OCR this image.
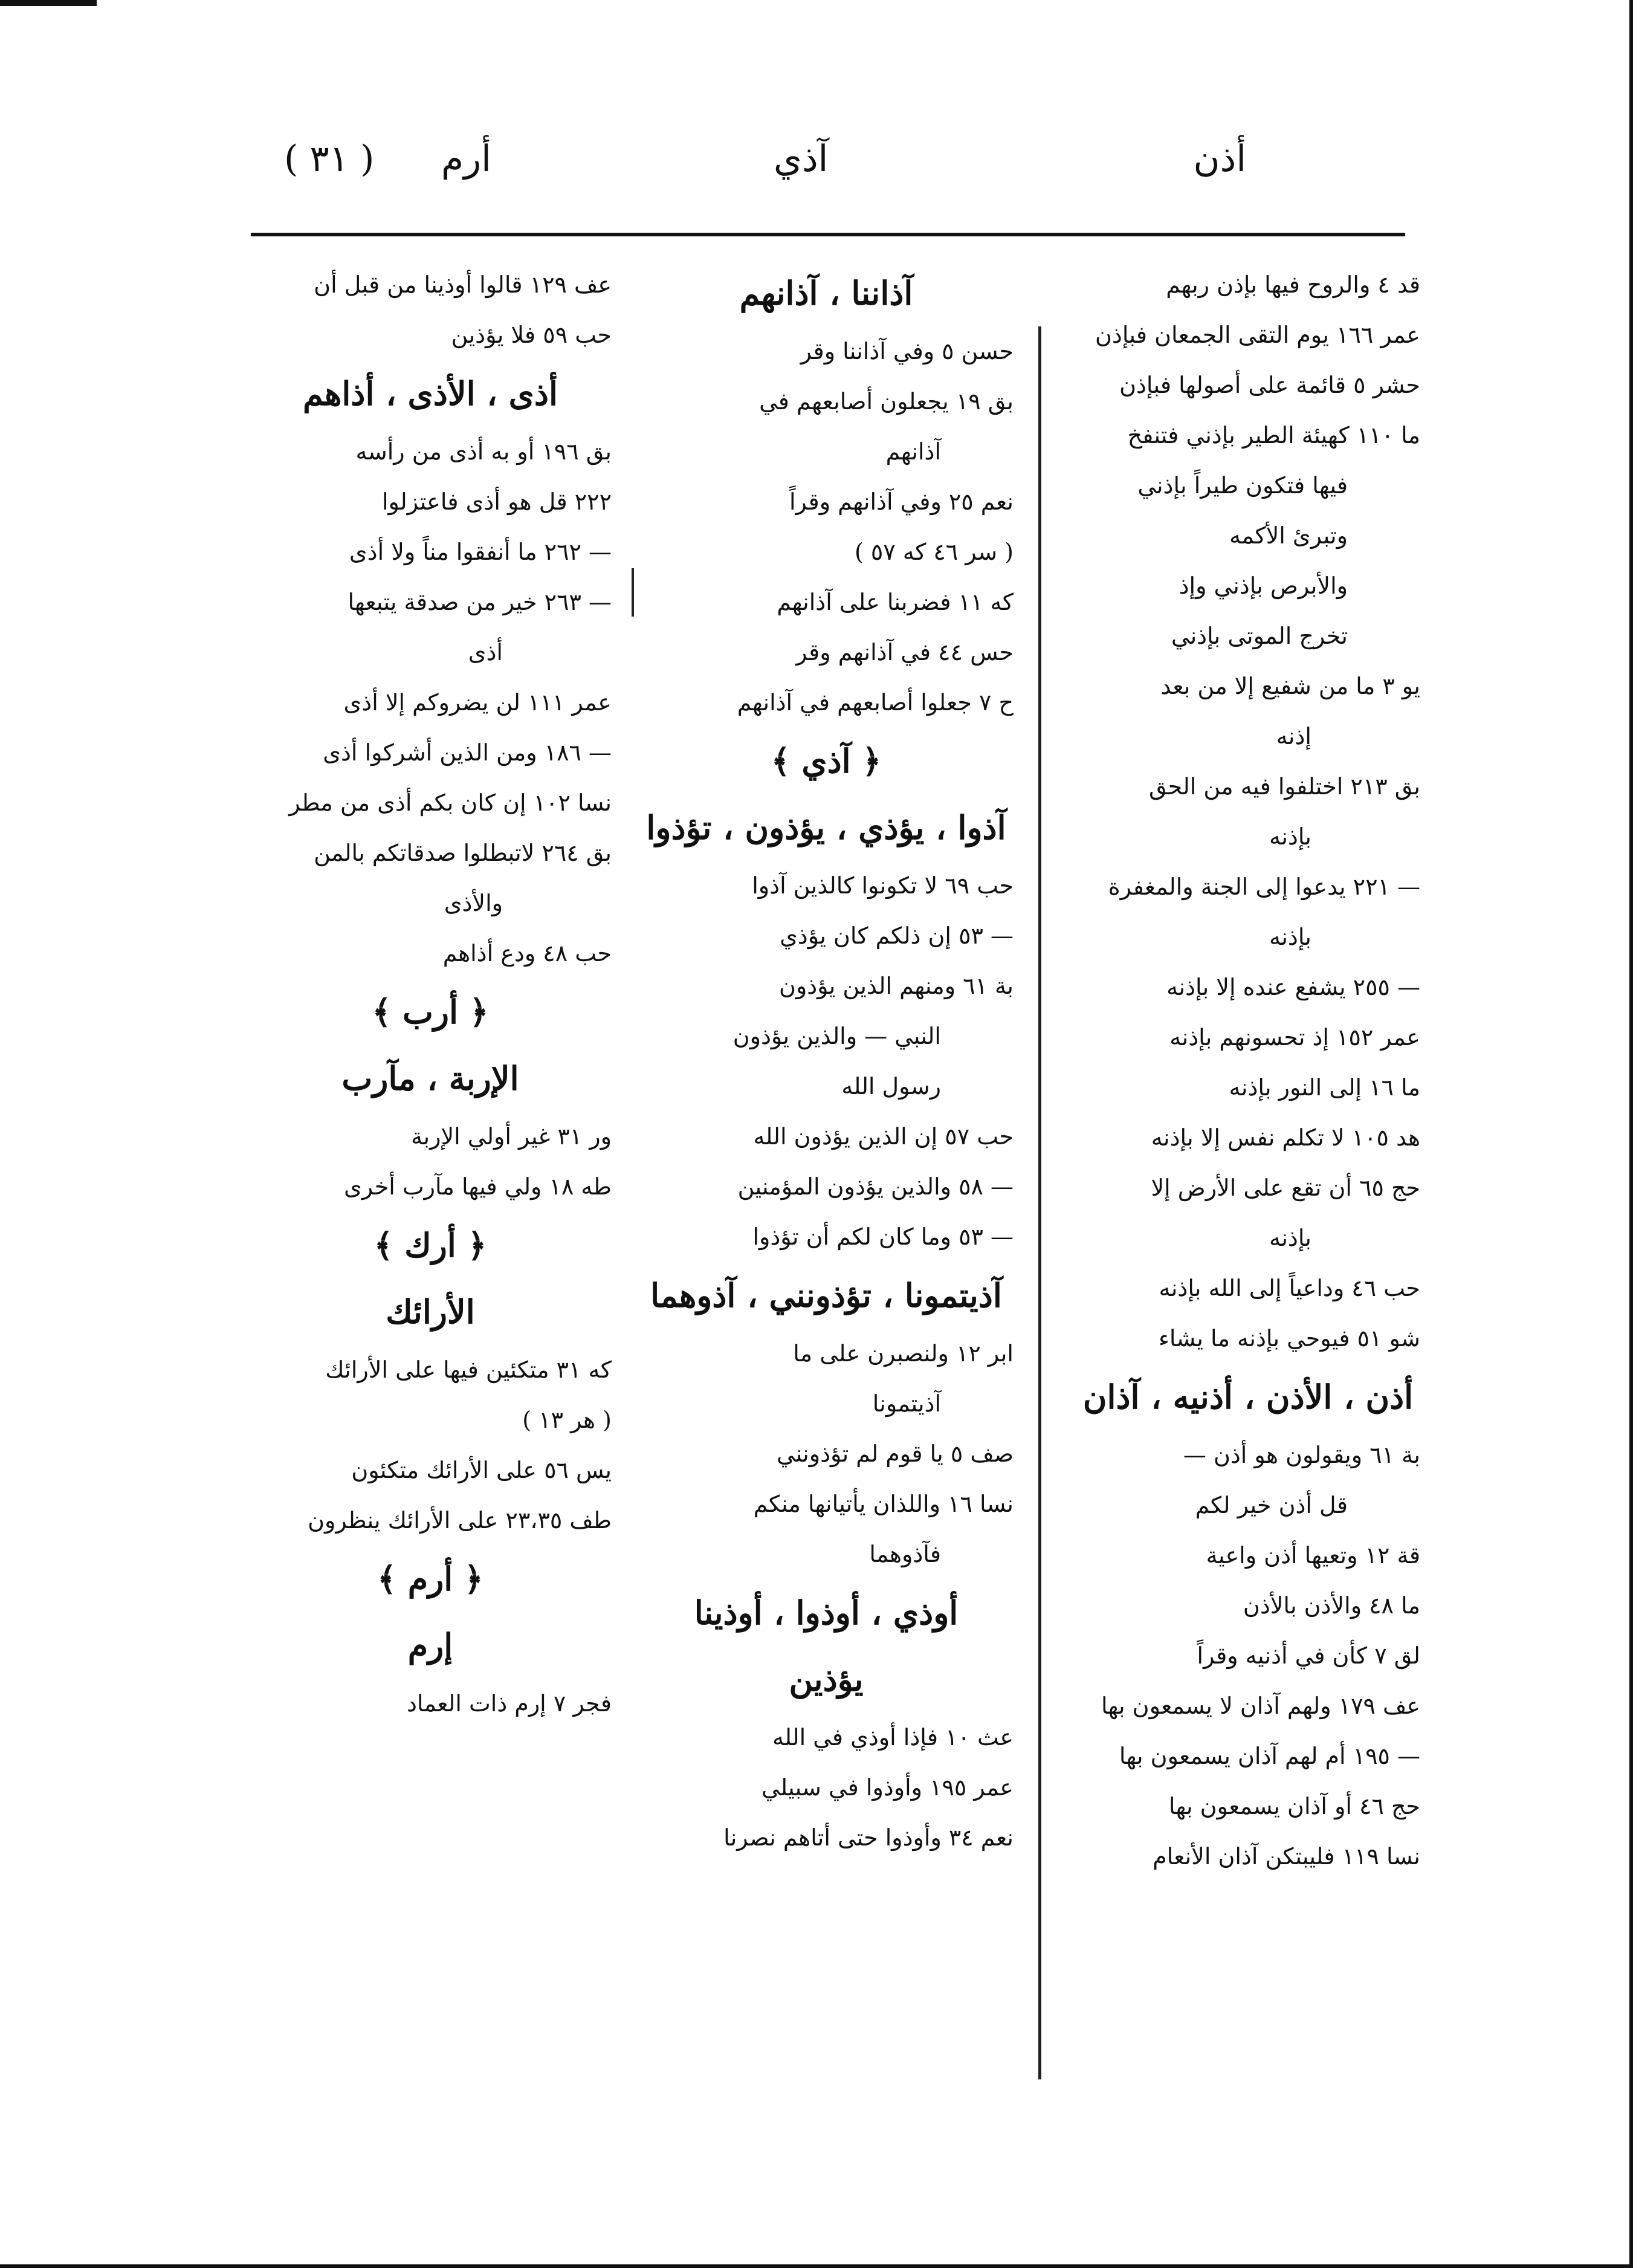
أذن
آذي
أرم
( ٣١ )
قد ٤ والروح فيها بإذن ربهم
عمر ١٦٦ يوم التقى الجمعان فبإذن
حشر ٥ قائمة على أصولها فبإذن
ما ١١٠ كهيئة الطير بإذني فتنفخ
فيها فتكون طيراً بإذني
وتبرئ الأكمه
والأبرص بإذني وإذ
تخرج الموتى بإذني
يو ٣ ما من شفيع إلا من بعد
إذنه
بق ٢١٣ اختلفوا فيه من الحق
بإذنه
— ٢٢١ يدعوا إلى الجنة والمغفرة
بإذنه
— ٢٥٥ يشفع عنده إلا بإذنه
عمر ١٥٢ إذ تحسونهم بإذنه
ما ١٦ إلى النور بإذنه
هد ١٠٥ لا تكلم نفس إلا بإذنه
حج ٦٥ أن تقع على الأرض إلا
بإذنه
حب ٤٦ وداعياً إلى الله بإذنه
شو ٥١ فيوحي بإذنه ما يشاء
أذن ، الأذن ، أذنيه ، آذان
بة ٦١ ويقولون هو أذن —
قل أذن خير لكم
قة ١٢ وتعيها أذن واعية
ما ٤٨ والأذن بالأذن
لق ٧ كأن في أذنيه وقراً
عف ١٧٩ ولهم آذان لا يسمعون بها
— ١٩٥ أم لهم آذان يسمعون بها
حج ٤٦ أو آذان يسمعون بها
نسا ١١٩ فليبتكن آذان الأنعام
آذاننا ، آذانهم
حسن ٥ وفي آذاننا وقر
بق ١٩ يجعلون أصابعهم في
آذانهم
نعم ٢٥ وفي آذانهم وقراً
( سر ٤٦ كه ٥٧ )
كه ١١ فضربنا على آذانهم
حس ٤٤ في آذانهم وقر
ح ٧ جعلوا أصابعهم في آذانهم
﴿ آذي ﴾
آذوا ، يؤذي ، يؤذون ، تؤذوا
حب ٦٩ لا تكونوا كالذين آذوا
— ٥٣ إن ذلكم كان يؤذي
بة ٦١ ومنهم الذين يؤذون
النبي — والذين يؤذون
رسول الله
حب ٥٧ إن الذين يؤذون الله
— ٥٨ والذين يؤذون المؤمنين
— ٥٣ وما كان لكم أن تؤذوا
آذيتمونا ، تؤذونني ، آذوهما
ابر ١٢ ولنصبرن على ما
آذيتمونا
صف ٥ يا قوم لم تؤذونني
نسا ١٦ واللذان يأتيانها منكم
فآذوهما
أوذي ، أوذوا ، أوذينا
يؤذين
عث ١٠ فإذا أوذي في الله
عمر ١٩٥ وأوذوا في سبيلي
نعم ٣٤ وأوذوا حتى أتاهم نصرنا
عف ١٢٩ قالوا أوذينا من قبل أن
حب ٥٩ فلا يؤذين
أذى ، الأذى ، أذاهم
بق ١٩٦ أو به أذى من رأسه
٢٢٢ قل هو أذى فاعتزلوا
— ٢٦٢ ما أنفقوا مناً ولا أذى
— ٢٦٣ خير من صدقة يتبعها
أذى
عمر ١١١ لن يضروكم إلا أذى
— ١٨٦ ومن الذين أشركوا أذى
نسا ١٠٢ إن كان بكم أذى من مطر
بق ٢٦٤ لاتبطلوا صدقاتكم بالمن
والأذى
حب ٤٨ ودع أذاهم
﴿ أرب ﴾
الإربة ، مآرب
ور ٣١ غير أولي الإربة
طه ١٨ ولي فيها مآرب أخرى
﴿ أرك ﴾
الأرائك
كه ٣١ متكئين فيها على الأرائك
( هر ١٣ )
يس ٥٦ على الأرائك متكئون
طف ٢٣،٣٥ على الأرائك ينظرون
﴿ أرم ﴾
إرم
فجر ٧ إرم ذات العماد
